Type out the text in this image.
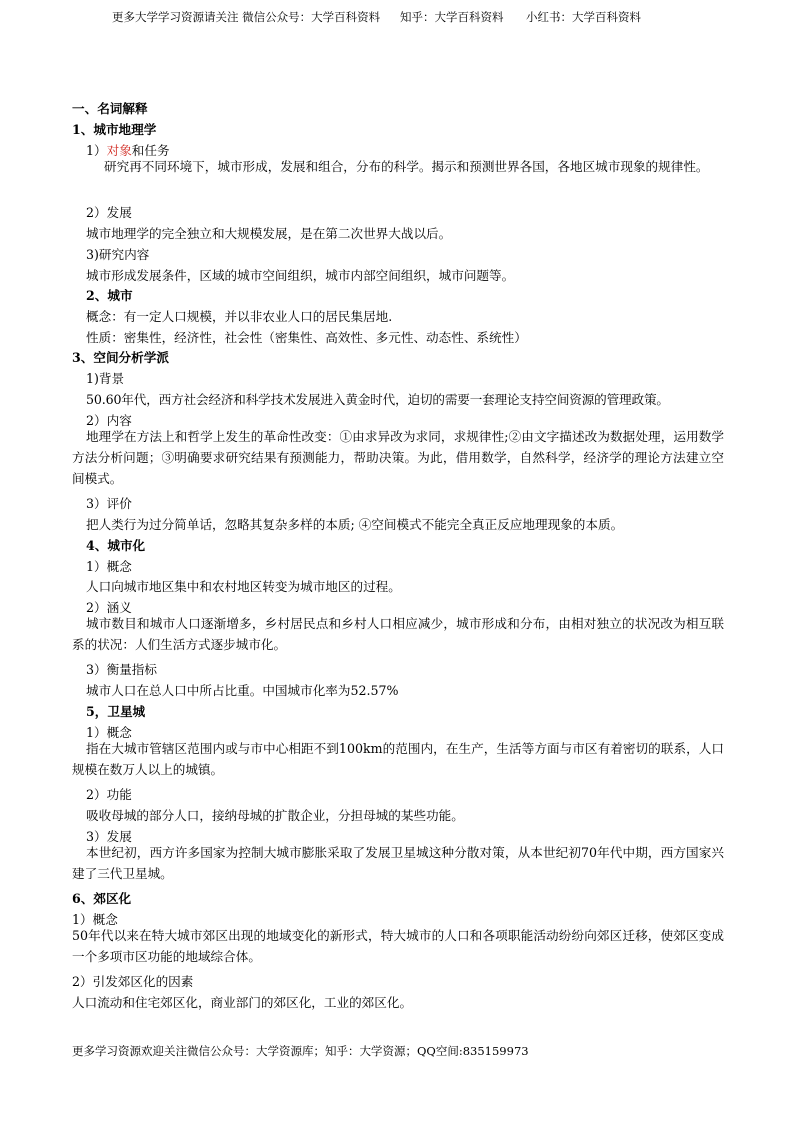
更多大学学习资源请关注 微信公众号：大学百科资料 知乎：大学百科资料 小红书：大学百科资料
一、名词解释
1、城市地理学
1）对象和任务
研究再不同环境下，城市形成，发展和组合，分布的科学。揭示和预测世界各国，各地区城市现象的规律性。
2）发展
城市地理学的完全独立和大规模发展，是在第二次世界大战以后。
3)研究内容
城市形成发展条件，区域的城市空间组织，城市内部空间组织，城市问题等。
2、城市
概念：有一定人口规模，并以非农业人口的居民集居地.
性质：密集性，经济性，社会性（密集性、高效性、多元性、动态性、系统性）
3、空间分析学派
1)背景
50.60年代，西方社会经济和科学技术发展进入黄金时代，迫切的需要一套理论支持空间资源的管理政策。
2）内容
地理学在方法上和哲学上发生的革命性改变：①由求异改为求同，求规律性;②由文字描述改为数据处理，运用数学方法分析问题；③明确要求研究结果有预测能力，帮助决策。为此，借用数学，自然科学，经济学的理论方法建立空间模式。
3）评价
把人类行为过分简单话，忽略其复杂多样的本质; ④空间模式不能完全真正反应地理现象的本质。
4、城市化
1）概念
人口向城市地区集中和农村地区转变为城市地区的过程。
2）涵义
城市数目和城市人口逐渐增多，乡村居民点和乡村人口相应减少，城市形成和分布，由相对独立的状况改为相互联系的状况：人们生活方式逐步城市化。
3）衡量指标
城市人口在总人口中所占比重。中国城市化率为52.57%
5，卫星城
1）概念
指在大城市管辖区范围内或与市中心相距不到100km的范围内，在生产，生活等方面与市区有着密切的联系，人口规模在数万人以上的城镇。
2）功能
吸收母城的部分人口，接纳母城的扩散企业，分担母城的某些功能。
3）发展
本世纪初，西方许多国家为控制大城市膨胀采取了发展卫星城这种分散对策，从本世纪初70年代中期，西方国家兴建了三代卫星城。
6、郊区化
1）概念
50年代以来在特大城市郊区出现的地域变化的新形式，特大城市的人口和各项职能活动纷纷向郊区迁移，使郊区变成一个多项市区功能的地域综合体。
2）引发郊区化的因素
人口流动和住宅郊区化，商业部门的郊区化，工业的郊区化。
更多学习资源欢迎关注微信公众号：大学资源库；知乎：大学资源；QQ空间:835159973
